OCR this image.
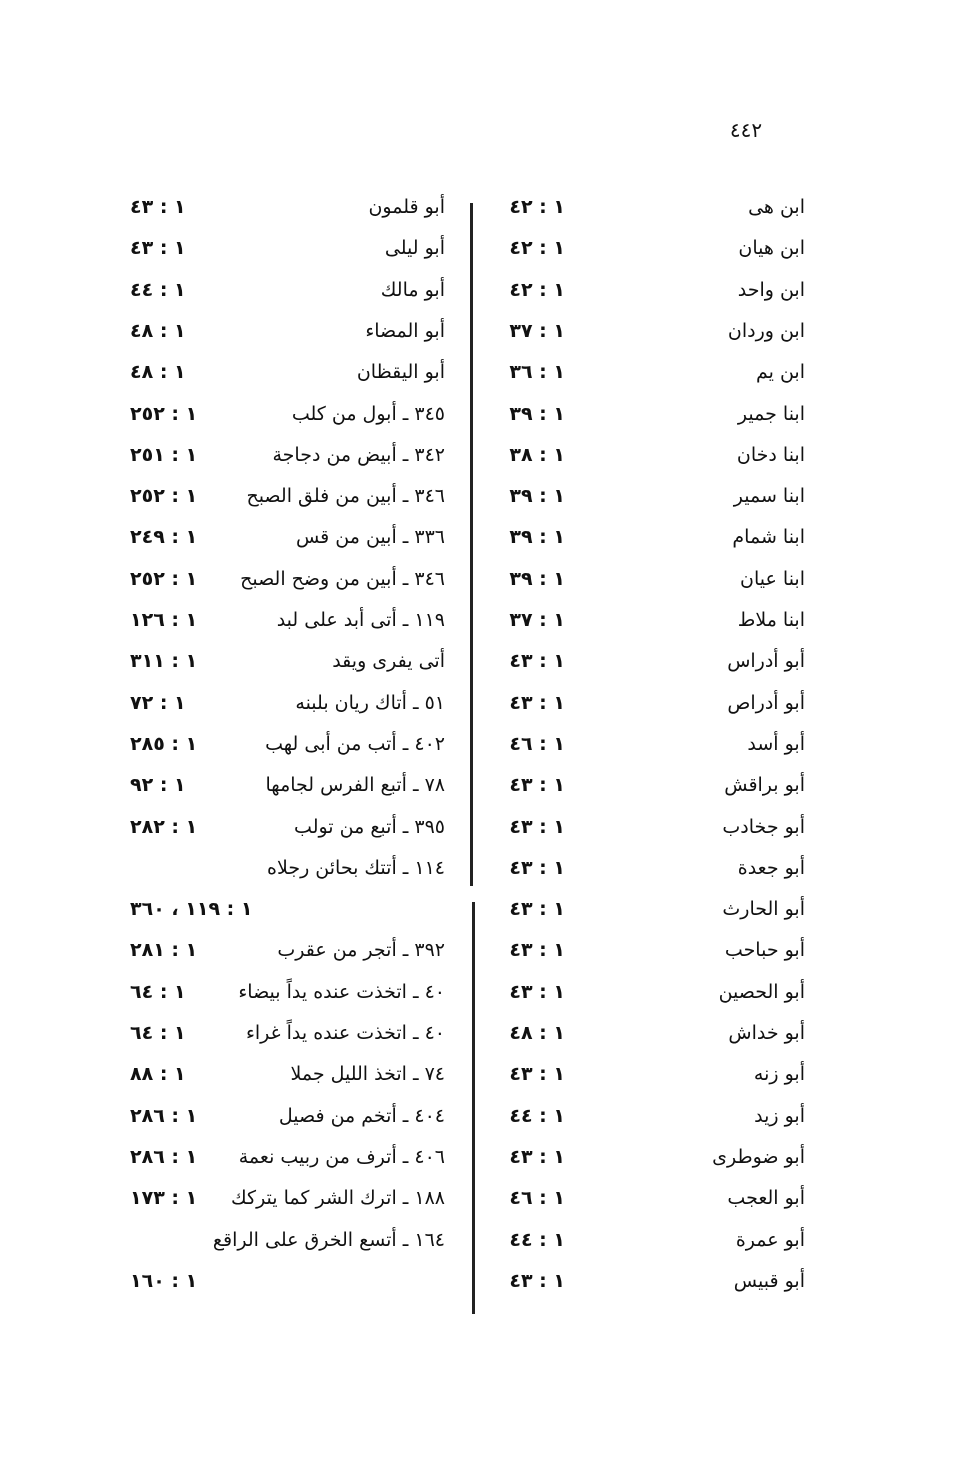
٤٤٢
ابن هى
١ : ٤٢
ابن هيان
١ : ٤٢
ابن واحد
١ : ٤٢
ابن وردان
١ : ٣٧
ابن يم
١ : ٣٦
ابنا جمير
١ : ٣٩
ابنا دخان
١ : ٣٨
ابنا سمير
١ : ٣٩
ابنا شمام
١ : ٣٩
ابنا عيان
١ : ٣٩
ابنا ملاط
١ : ٣٧
أبو أدراس
١ : ٤٣
أبو أدراص
١ : ٤٣
أبو أسد
١ : ٤٦
أبو براقش
١ : ٤٣
أبو جخادب
١ : ٤٣
أبو جعدة
١ : ٤٣
أبو الحارث
١ : ٤٣
أبو حباحب
١ : ٤٣
أبو الحصين
١ : ٤٣
أبو خداش
١ : ٤٨
أبو زنه
١ : ٤٣
أبو زيد
١ : ٤٤
أبو ضوطرى
١ : ٤٣
أبو العجب
١ : ٤٦
أبو عمرة
١ : ٤٤
أبو قبيس
١ : ٤٣
أبو قلمون
١ : ٤٣
أبو ليلى
١ : ٤٣
أبو مالك
١ : ٤٤
أبو المضاء
١ : ٤٨
أبو اليقظان
١ : ٤٨
٣٤٥ ـ أبول من كلب
١ : ٢٥٢
٣٤٢ ـ أبيض من دجاجة
١ : ٢٥١
٣٤٦ ـ أبين من فلق الصبح
١ : ٢٥٢
٣٣٦ ـ أبين من قس
١ : ٢٤٩
٣٤٦ ـ أبين من وضح الصبح
١ : ٢٥٢
١١٩ ـ أتى أبد على لبد
١ : ١٢٦
أتى يفرى ويقد
١ : ٣١١
٥١ ـ أتاك ريان بلبنه
١ : ٧٢
٤٠٢ ـ أتب من أبى لهب
١ : ٢٨٥
٧٨ ـ أتبع الفرس لجامها
١ : ٩٢
٣٩٥ ـ أتبع من تولب
١ : ٢٨٢
١١٤ ـ أتتك بحائن رجلاه
١ : ١١٩ ، ٣٦٠
٣٩٢ ـ أتجر من عقرب
١ : ٢٨١
٤٠ ـ اتخذت عنده يداً بيضاء
١ : ٦٤
٤٠ ـ اتخذت عنده يداً غراء
١ : ٦٤
٧٤ ـ اتخذ الليل جملا
١ : ٨٨
٤٠٤ ـ أتخم من فصيل
١ : ٢٨٦
٤٠٦ ـ أترف من ربيب نعمة
١ : ٢٨٦
١٨٨ ـ اترك الشر كما يتركك
١ : ١٧٣
١٦٤ ـ أتسع الخرق على الراقع
١ : ١٦٠
